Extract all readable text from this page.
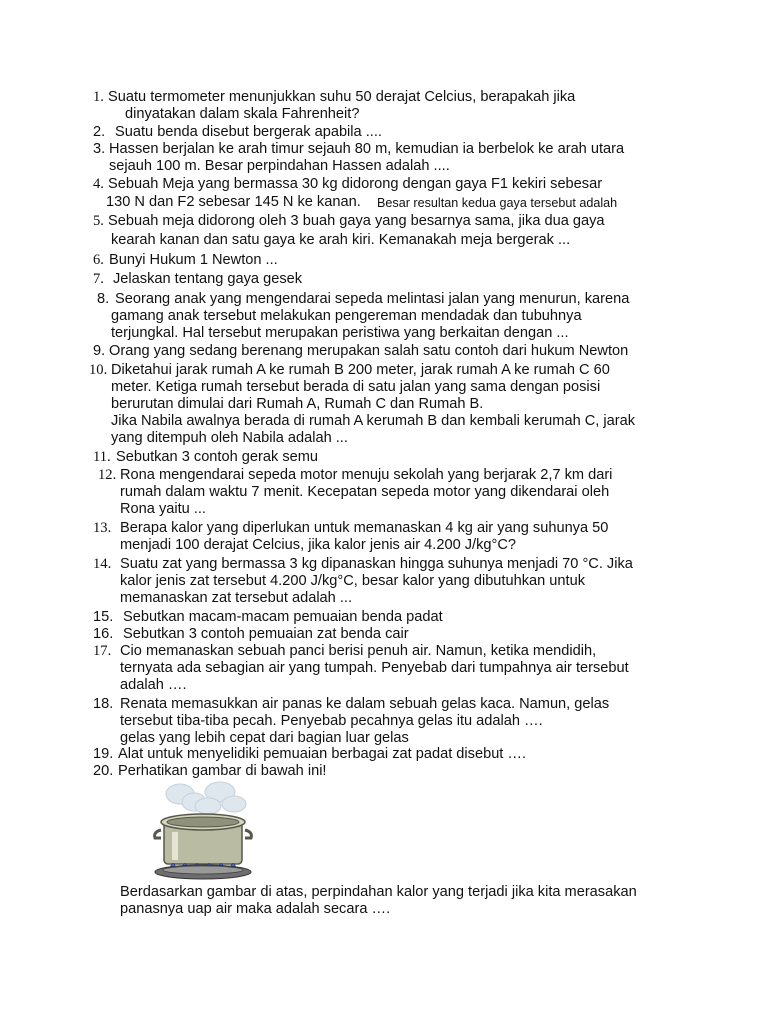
1. Suatu termometer menunjukkan suhu 50 derajat Celcius, berapakah jika
dinyatakan dalam skala Fahrenheit?
2. Suatu benda disebut bergerak apabila ....
3. Hassen berjalan ke arah timur sejauh 80 m, kemudian ia berbelok ke arah utara
sejauh 100 m. Besar perpindahan Hassen adalah ....
4. Sebuah Meja yang bermassa 30 kg didorong dengan gaya F1 kekiri sebesar
130 N dan F2 sebesar 145 N ke kanan. Besar resultan kedua gaya tersebut adalah
5. Sebuah meja didorong oleh 3 buah gaya yang besarnya sama, jika dua gaya
kearah kanan dan satu gaya ke arah kiri. Kemanakah meja bergerak ...
6. Bunyi Hukum 1 Newton ...
7. Jelaskan tentang gaya gesek
8. Seorang anak yang mengendarai sepeda melintasi jalan yang menurun, karena
gamang anak tersebut melakukan pengereman mendadak dan tubuhnya
terjungkal. Hal tersebut merupakan peristiwa yang berkaitan dengan ...
9. Orang yang sedang berenang merupakan salah satu contoh dari hukum Newton
10. Diketahui jarak rumah A ke rumah B 200 meter, jarak rumah A ke rumah C 60
meter. Ketiga rumah tersebut berada di satu jalan yang sama dengan posisi
berurutan dimulai dari Rumah A, Rumah C dan Rumah B.
Jika Nabila awalnya berada di rumah A kerumah B dan kembali kerumah C, jarak
yang ditempuh oleh Nabila adalah ...
11. Sebutkan 3 contoh gerak semu
12. Rona mengendarai sepeda motor menuju sekolah yang berjarak 2,7 km dari
rumah dalam waktu 7 menit. Kecepatan sepeda motor yang dikendarai oleh
Rona yaitu ...
13. Berapa kalor yang diperlukan untuk memanaskan 4 kg air yang suhunya 50
menjadi 100 derajat Celcius, jika kalor jenis air 4.200 J/kg°C?
14. Suatu zat yang bermassa 3 kg dipanaskan hingga suhunya menjadi 70 °C. Jika
kalor jenis zat tersebut 4.200 J/kg°C, besar kalor yang dibutuhkan untuk
memanaskan zat tersebut adalah ...
15. Sebutkan macam-macam pemuaian benda padat
16. Sebutkan 3 contoh pemuaian zat benda cair
17. Cio memanaskan sebuah panci berisi penuh air. Namun, ketika mendidih,
ternyata ada sebagian air yang tumpah. Penyebab dari tumpahnya air tersebut
adalah ….
18. Renata memasukkan air panas ke dalam sebuah gelas kaca. Namun, gelas
tersebut tiba-tiba pecah. Penyebab pecahnya gelas itu adalah ….
gelas yang lebih cepat dari bagian luar gelas
19. Alat untuk menyelidiki pemuaian berbagai zat padat disebut ….
20. Perhatikan gambar di bawah ini!
Berdasarkan gambar di atas, perpindahan kalor yang terjadi jika kita merasakan
panasnya uap air maka adalah secara ….
